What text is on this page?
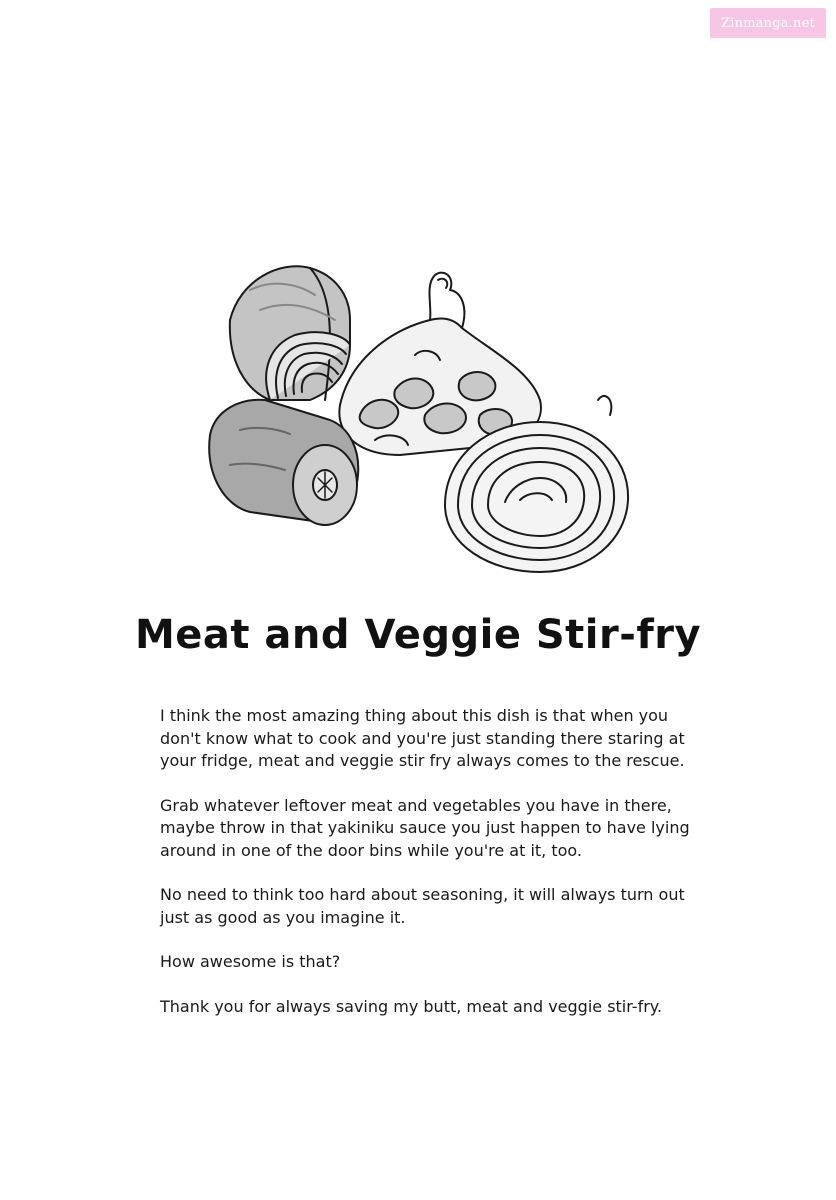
Zinmanga.net
Meat and Veggie Stir-fry

I think the most amazing thing about this dish is that when you don't know what to cook and you're just standing there staring at your fridge, meat and veggie stir fry always comes to the rescue.

Grab whatever leftover meat and vegetables you have in there, maybe throw in that yakiniku sauce you just happen to have lying around in one of the door bins while you're at it, too.

No need to think too hard about seasoning, it will always turn out just as good as you imagine it.

How awesome is that?

Thank you for always saving my butt, meat and veggie stir-fry.
